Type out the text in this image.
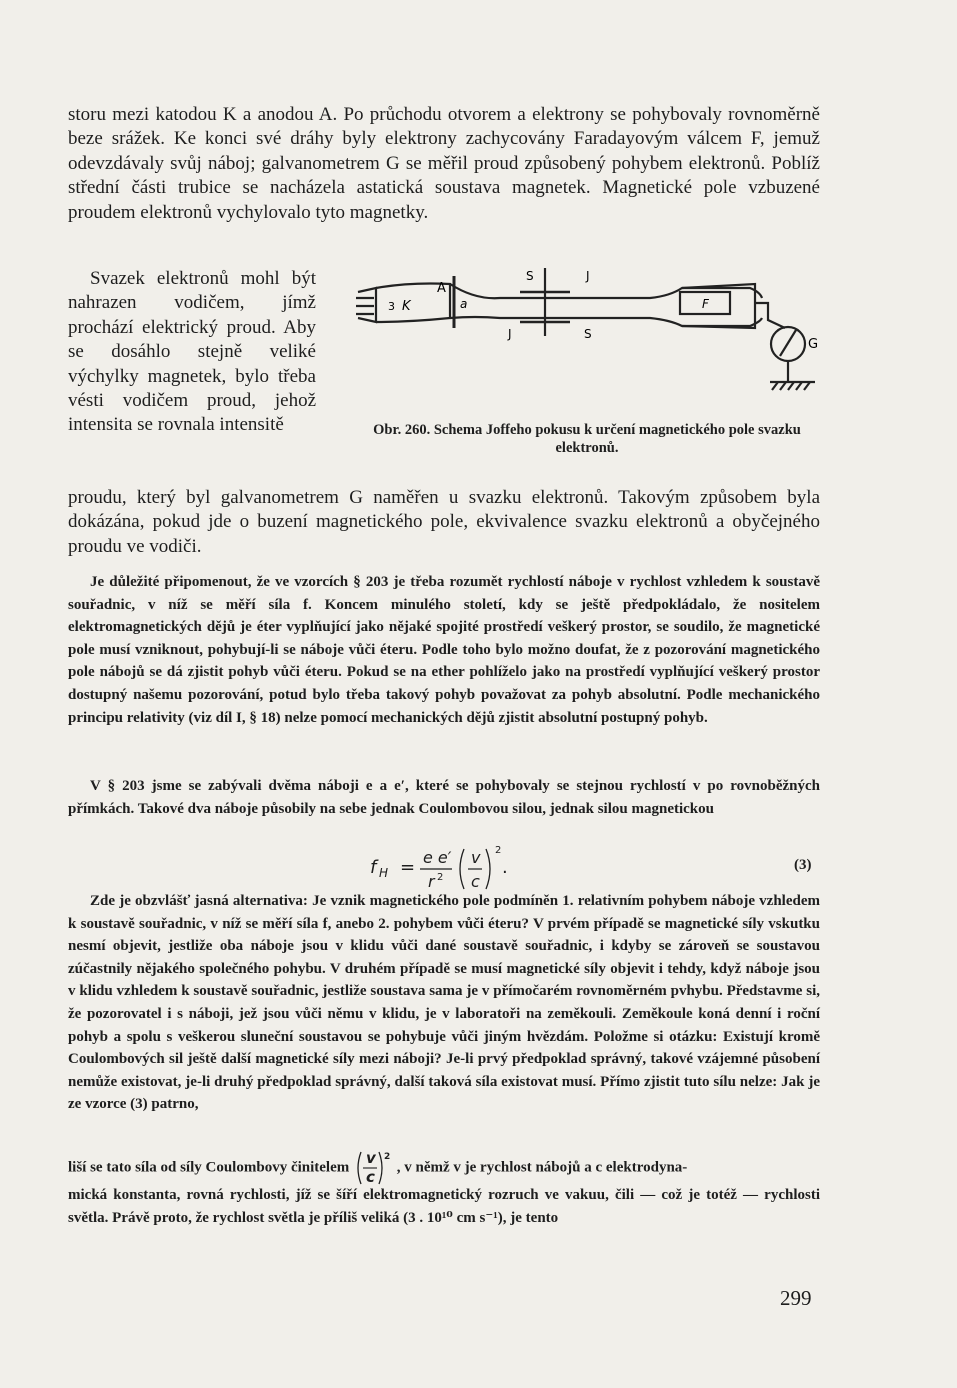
storu mezi katodou K a anodou A. Po průchodu otvorem a elektrony se pohybovaly rovnoměrně beze srážek. Ke konci své dráhy byly elektrony zachycovány Faradayovým válcem F, jemuž odevzdávaly svůj náboj; galvanometrem G se měřil proud způsobený pohybem elektronů. Poblíž střední části trubice se nacházela astatická soustava magnetek. Magnetické pole vzbuzené proudem elektronů vychylovalo tyto magnetky.

Svazek elektronů mohl být nahrazen vodičem, jímž prochází elektrický proud. Aby se dosáhlo stejně veliké výchylky magnetek, bylo třeba vésti vodičem proud, jehož intensita se rovnala intensitě

A
K
3	a
S	J
J	S
F
G
Obr. 260. Schema Joffeho pokusu k určení magnetického pole svazku elektronů.

proudu, který byl galvanometrem G naměřen u svazku elektronů. Takovým způsobem byla dokázána, pokud jde o buzení magnetického pole, ekvivalence svazku elektronů a obyčejného proudu ve vodiči.

Je důležité připomenout, že ve vzorcích § 203 je třeba rozumět rychlostí náboje v rychlost vzhledem k soustavě souřadnic, v níž se měří síla f. Koncem minulého století, kdy se ještě předpokládalo, že nositelem elektromagnetických dějů je éter vyplňující jako nějaké spojité prostředí veškerý prostor, se soudilo, že magnetické pole musí vzniknout, pohybují-li se náboje vůči éteru. Podle toho bylo možno doufat, že z pozorování magnetického pole nábojů se dá zjistit pohyb vůči éteru. Pokud se na ether pohlíželo jako na prostředí vyplňující veškerý prostor dostupný našemu pozorování, potud bylo třeba takový pohyb považovat za pohyb absolutní. Podle mechanického principu relativity (viz díl I, § 18) nelze pomocí mechanických dějů zjistit absolutní postupný pohyb.

V § 203 jsme se zabývali dvěma náboji e a e′, které se pohybovaly se stejnou rychlostí v po rovnoběžných přímkách. Takové dva náboje působily na sebe jednak Coulombovou silou, jednak silou magnetickou

f H = e e′
r 2
v
c
2
.	(3)

Zde je obzvlášť jasná alternativa: Je vznik magnetického pole podmíněn 1. relativním pohybem náboje vzhledem k soustavě souřadnic, v níž se měří síla f, anebo 2. pohybem vůči éteru? V prvém případě se magnetické síly vskutku nesmí objevit, jestliže oba náboje jsou v klidu vůči dané soustavě souřadnic, i kdyby se zároveň se soustavou zúčastnily nějakého společného pohybu. V druhém případě se musí magnetické síly objevit i tehdy, když náboje jsou v klidu vzhledem k soustavě souřadnic, jestliže soustava sama je v přímočarém rovnoměrném pvhybu. Představme si, že pozorovatel i s náboji, jež jsou vůči němu v klidu, je v laboratoři na zeměkouli. Zeměkoule koná denní i roční pohyb a spolu s veškerou sluneční soustavou se pohybuje vůči jiným hvězdám. Položme si otázku: Existují kromě Coulombových sil ještě další magnetické síly mezi náboji? Je-li prvý předpoklad správný, takové vzájemné působení nemůže existovat, je-li druhý předpoklad správný, další taková síla existovat musí. Přímo zjistit tuto sílu nelze: Jak je ze vzorce (3) patrno,

liší se tato síla od síly Coulombovy činitelem
v
c
2
, v němž v je rychlost nábojů a c elektrodyna-

mická konstanta, rovná rychlosti, jíž se šíří elektromagnetický rozruch ve vakuu, čili — což je totéž — rychlosti světla. Právě proto, že rychlost světla je příliš veliká (3 . 10¹⁰ cm s⁻¹), je tento

299
